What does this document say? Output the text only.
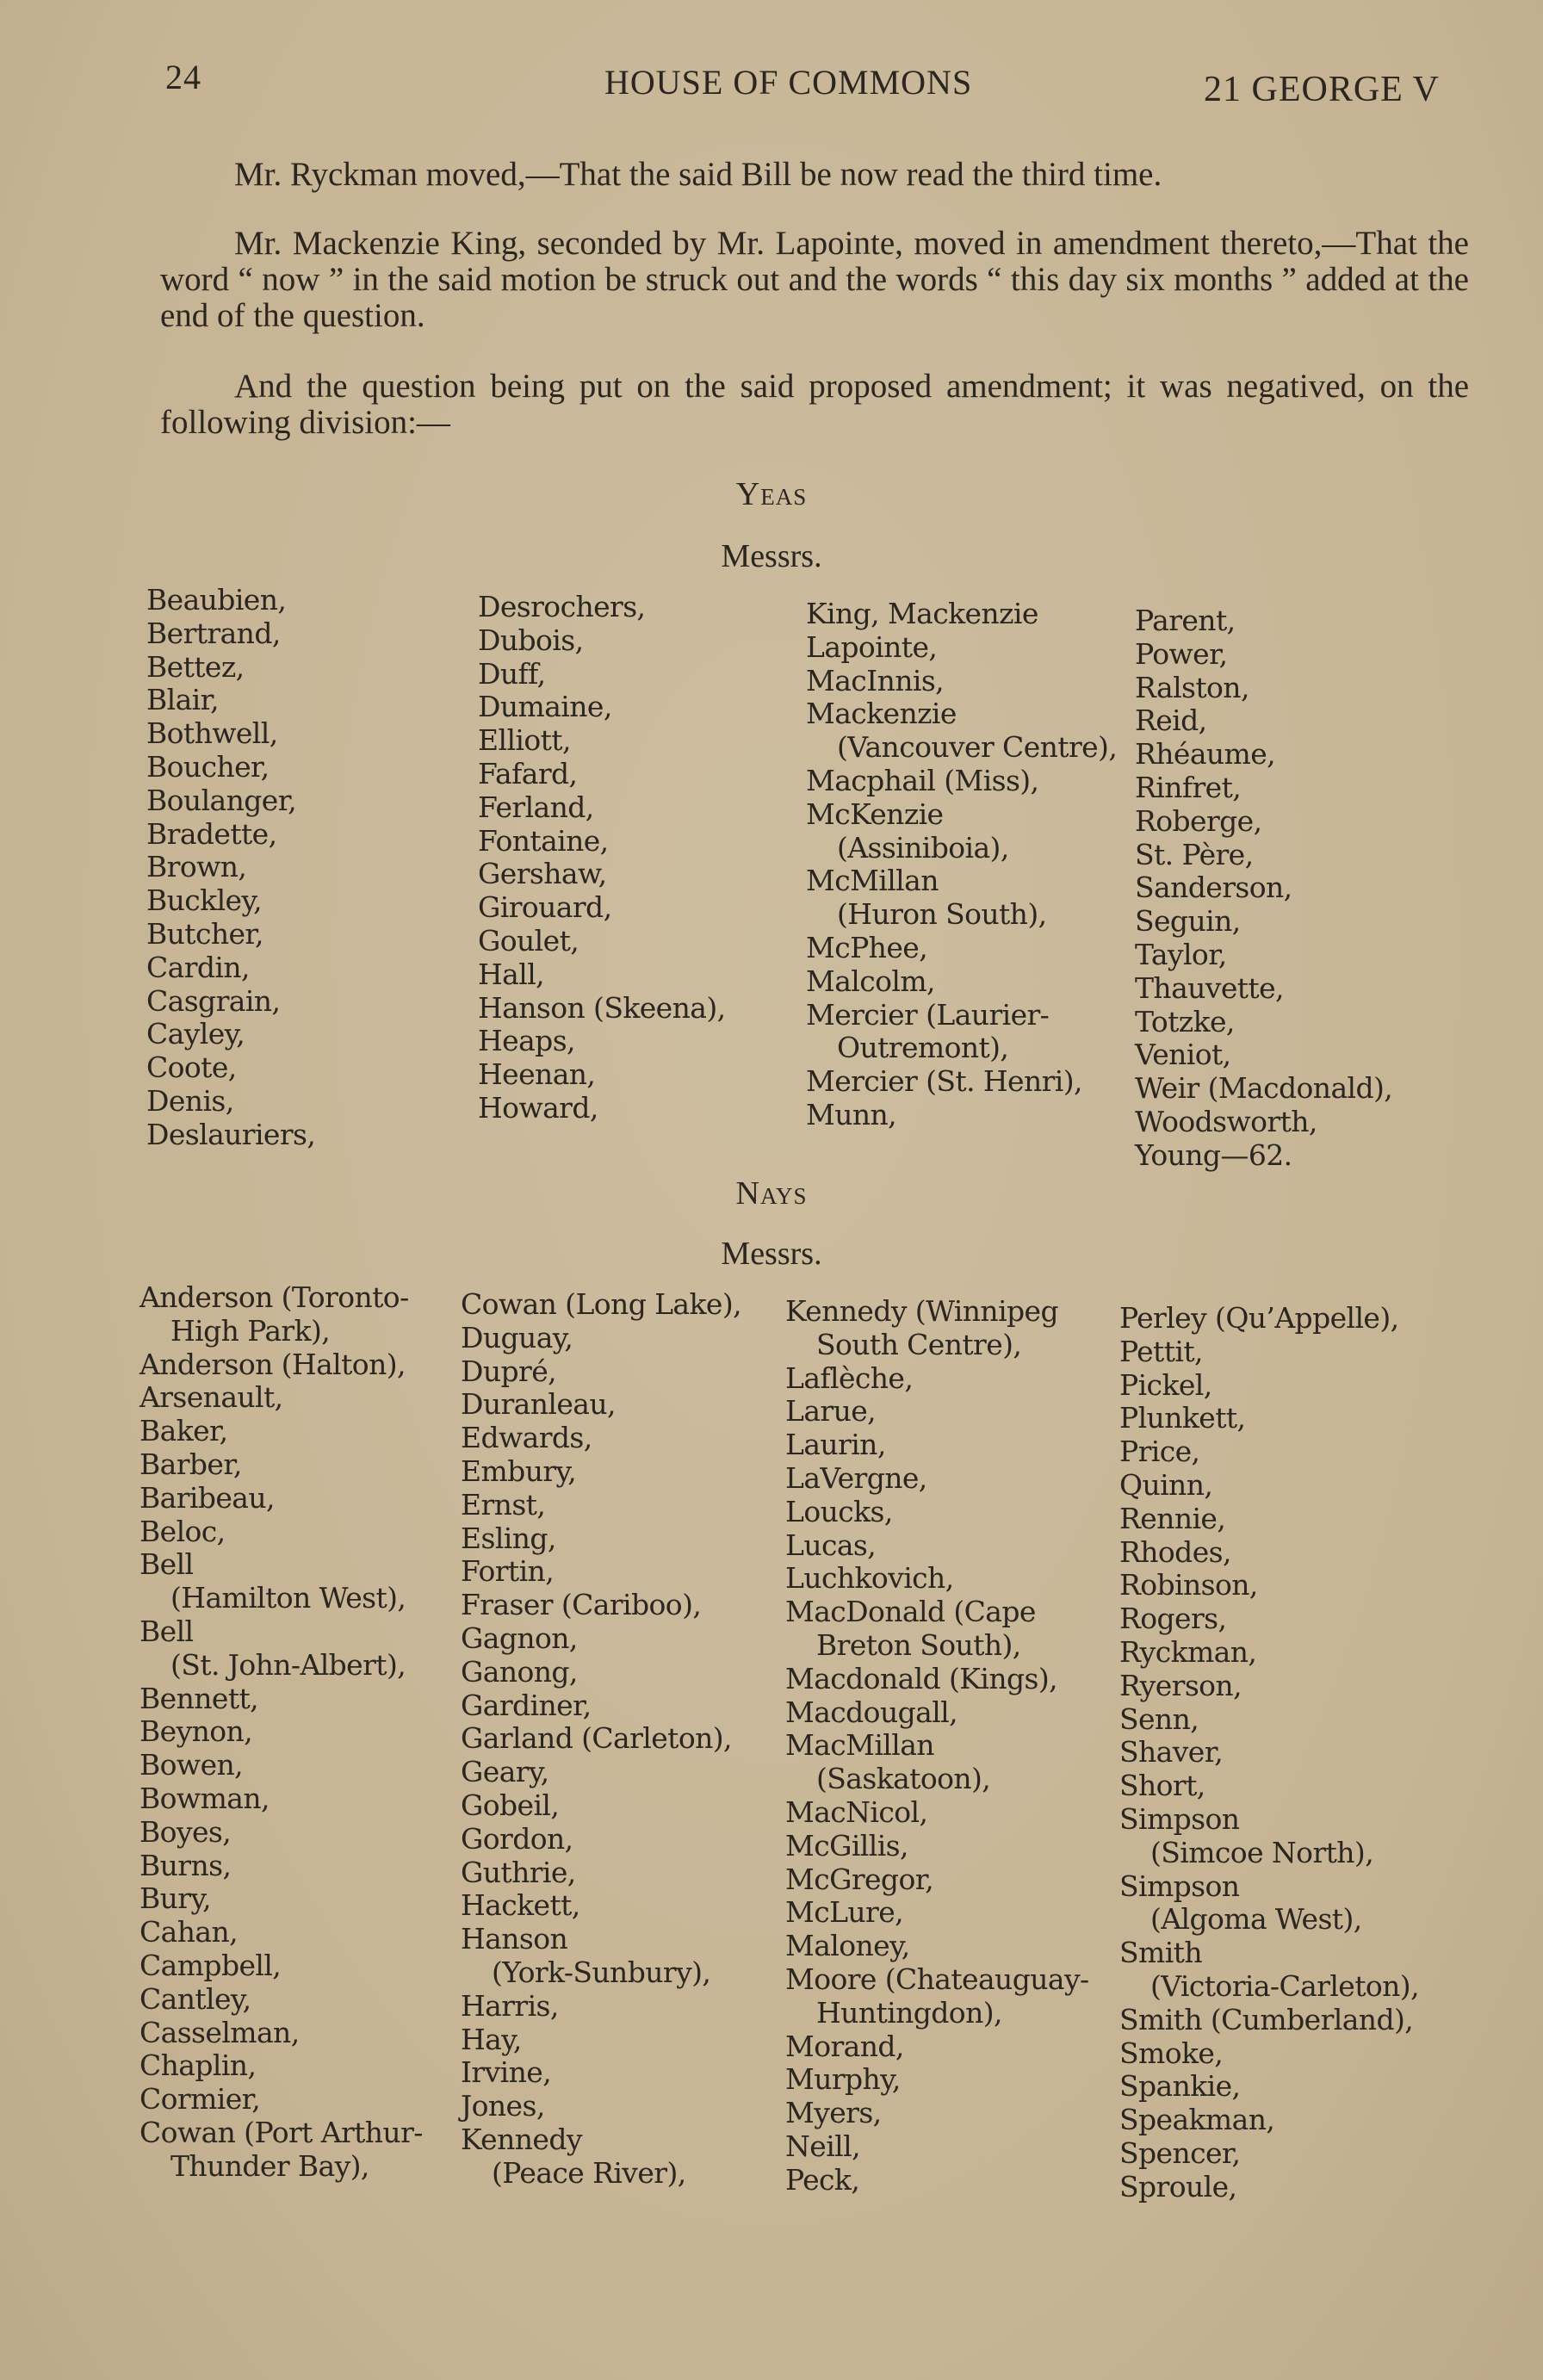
24	HOUSE OF COMMONS	21 GEORGE V

Mr. Ryckman moved,—That the said Bill be now read the third time.

Mr. Mackenzie King, seconded by Mr. Lapointe, moved in amendment thereto,—That the word “ now ” in the said motion be struck out and the words “ this day six months ” added at the end of the question.

And the question being put on the said proposed amendment; it was negatived, on the following division:—

Yeas
Messrs.
Beaubien,
Bertrand,
Bettez,
Blair,
Bothwell,
Boucher,
Boulanger,
Bradette,
Brown,
Buckley,
Butcher,
Cardin,
Casgrain,
Cayley,
Coote,
Denis,
Deslauriers,
Desrochers,
Dubois,
Duff,
Dumaine,
Elliott,
Fafard,
Ferland,
Fontaine,
Gershaw,
Girouard,
Goulet,
Hall,
Hanson (Skeena),
Heaps,
Heenan,
Howard,
King, Mackenzie
Lapointe,
MacInnis,
Mackenzie
(Vancouver Centre),
Macphail (Miss),
McKenzie
(Assiniboia),
McMillan
(Huron South),
McPhee,
Malcolm,
Mercier (Laurier-
Outremont),
Mercier (St. Henri),
Munn,
Parent,
Power,
Ralston,
Reid,
Rhéaume,
Rinfret,
Roberge,
St. Père,
Sanderson,
Seguin,
Taylor,
Thauvette,
Totzke,
Veniot,
Weir (Macdonald),
Woodsworth,
Young—62.
Nays
Messrs.
Anderson (Toronto-
High Park),
Anderson (Halton),
Arsenault,
Baker,
Barber,
Baribeau,
Beloc,
Bell
(Hamilton West),
Bell
(St. John-Albert),
Bennett,
Beynon,
Bowen,
Bowman,
Boyes,
Burns,
Bury,
Cahan,
Campbell,
Cantley,
Casselman,
Chaplin,
Cormier,
Cowan (Port Arthur-
Thunder Bay),
Cowan (Long Lake),
Duguay,
Dupré,
Duranleau,
Edwards,
Embury,
Ernst,
Esling,
Fortin,
Fraser (Cariboo),
Gagnon,
Ganong,
Gardiner,
Garland (Carleton),
Geary,
Gobeil,
Gordon,
Guthrie,
Hackett,
Hanson
(York-Sunbury),
Harris,
Hay,
Irvine,
Jones,
Kennedy
(Peace River),
Kennedy (Winnipeg
South Centre),
Laflèche,
Larue,
Laurin,
LaVergne,
Loucks,
Lucas,
Luchkovich,
MacDonald (Cape
Breton South),
Macdonald (Kings),
Macdougall,
MacMillan
(Saskatoon),
MacNicol,
McGillis,
McGregor,
McLure,
Maloney,
Moore (Chateauguay-
Huntingdon),
Morand,
Murphy,
Myers,
Neill,
Peck,
Perley (Qu’Appelle),
Pettit,
Pickel,
Plunkett,
Price,
Quinn,
Rennie,
Rhodes,
Robinson,
Rogers,
Ryckman,
Ryerson,
Senn,
Shaver,
Short,
Simpson
(Simcoe North),
Simpson
(Algoma West),
Smith
(Victoria-Carleton),
Smith (Cumberland),
Smoke,
Spankie,
Speakman,
Spencer,
Sproule,
